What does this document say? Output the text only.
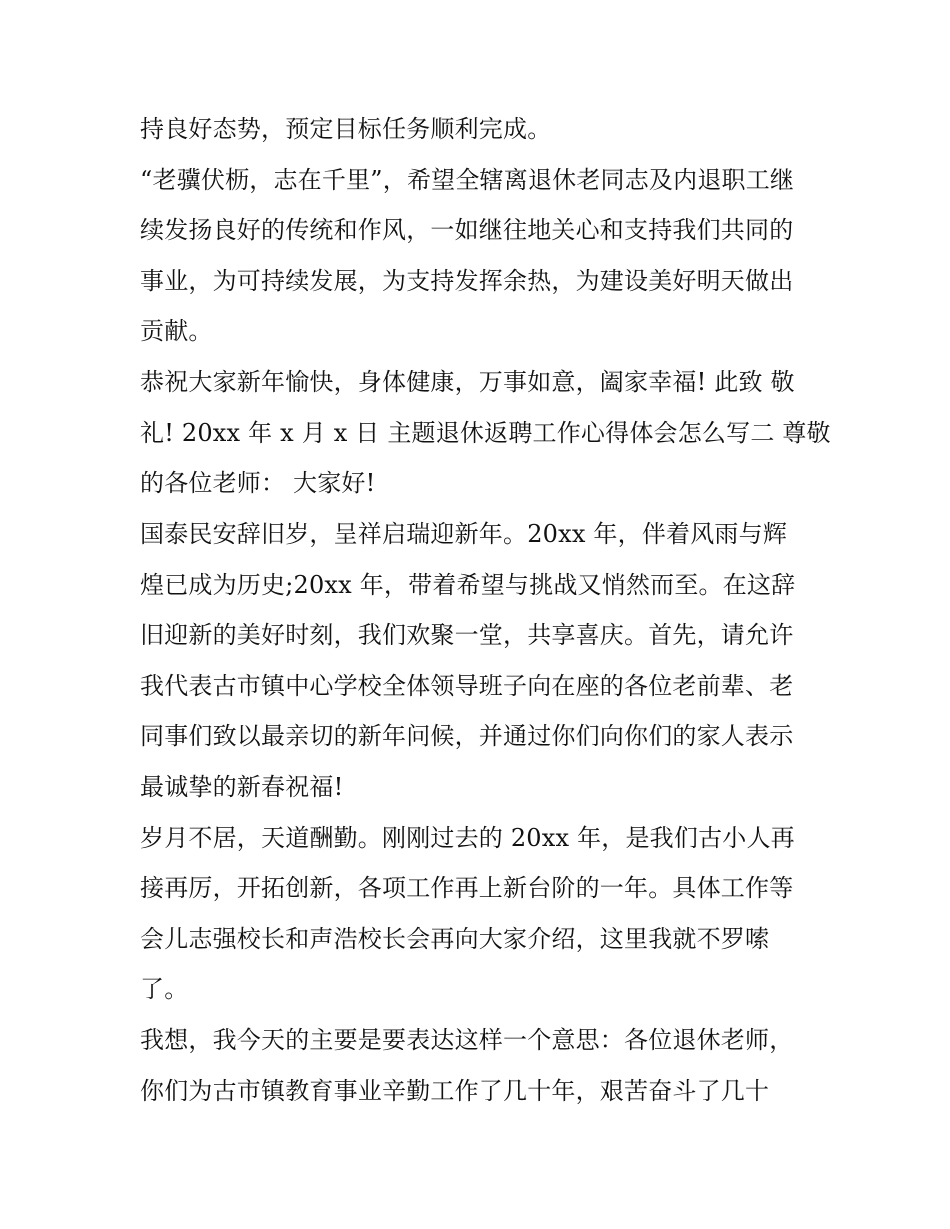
持良好态势，预定目标任务顺利完成。
“老骥伏枥，志在千里”，希望全辖离退休老同志及内退职工继
续发扬良好的传统和作风，一如继往地关心和支持我们共同的
事业，为可持续发展，为支持发挥余热，为建设美好明天做出
贡献。
恭祝大家新年愉快，身体健康，万事如意，阖家幸福! 此致 敬
礼! 20xx 年 x 月 x 日 主题退休返聘工作心得体会怎么写二 尊敬
的各位老师： 大家好!
国泰民安辞旧岁，呈祥启瑞迎新年。20xx 年，伴着风雨与辉
煌已成为历史;20xx 年，带着希望与挑战又悄然而至。在这辞
旧迎新的美好时刻，我们欢聚一堂，共享喜庆。首先，请允许
我代表古市镇中心学校全体领导班子向在座的各位老前辈、老
同事们致以最亲切的新年问候，并通过你们向你们的家人表示
最诚挚的新春祝福!
岁月不居，天道酬勤。刚刚过去的 20xx 年，是我们古小人再
接再厉，开拓创新，各项工作再上新台阶的一年。具体工作等
会儿志强校长和声浩校长会再向大家介绍，这里我就不罗嗦
了。
我想，我今天的主要是要表达这样一个意思：各位退休老师，
你们为古市镇教育事业辛勤工作了几十年，艰苦奋斗了几十
